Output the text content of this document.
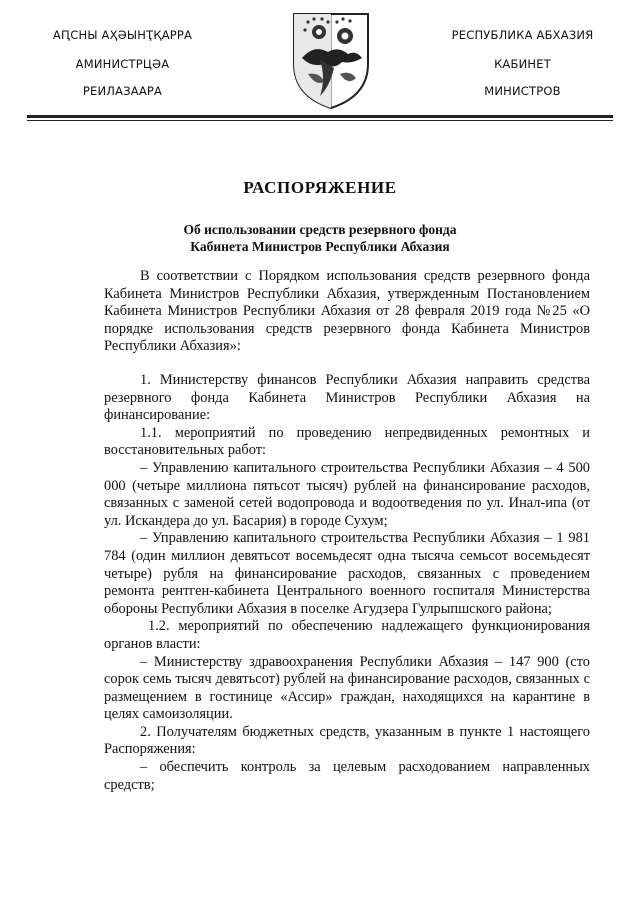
АԤСНЫ АҲӘЫНҬҚАРРА
АМИНИСТРЦӘА
РЕИЛАЗААРА
РЕСПУБЛИКА АБХАЗИЯ
КАБИНЕТ
МИНИСТРОВ
РАСПОРЯЖЕНИЕ
Об использовании средств резервного фонда
Кабинета Министров Республики Абхазия

В соответствии с Порядком использования средств резервного фонда Кабинета Министров Республики Абхазия, утвержденным Постановлением Кабинета Министров Республики Абхазия от 28 февраля 2019 года №25 «О порядке использования средств резервного фонда Кабинета Министров Республики Абхазия»:

1. Министерству финансов Республики Абхазия направить средства резервного фонда Кабинета Министров Республики Абхазия на финансирование:

1.1. мероприятий по проведению непредвиденных ремонтных и восстановительных работ:

– Управлению капитального строительства Республики Абхазия – 4 500 000 (четыре миллиона пятьсот тысяч) рублей на финансирование расходов, связанных с заменой сетей водопровода и водоотведения по ул. Инал-ипа (от ул. Искандера до ул. Басария) в городе Сухум;

– Управлению капитального строительства Республики Абхазия – 1 981 784 (один миллион девятьсот восемьдесят одна тысяча семьсот восемьдесят четыре) рубля на финансирование расходов, связанных с проведением ремонта рентген-кабинета Центрального военного госпиталя Министерства обороны Республики Абхазия в поселке Агудзера Гулрыпшского района;

1.2. мероприятий по обеспечению надлежащего функционирования органов власти:

– Министерству здравоохранения Республики Абхазия – 147 900 (сто сорок семь тысяч девятьсот) рублей на финансирование расходов, связанных с размещением в гостинице «Ассир» граждан, находящихся на карантине в целях самоизоляции.

2. Получателям бюджетных средств, указанным в пункте 1 настоящего Распоряжения:

– обеспечить контроль за целевым расходованием направленных средств;
